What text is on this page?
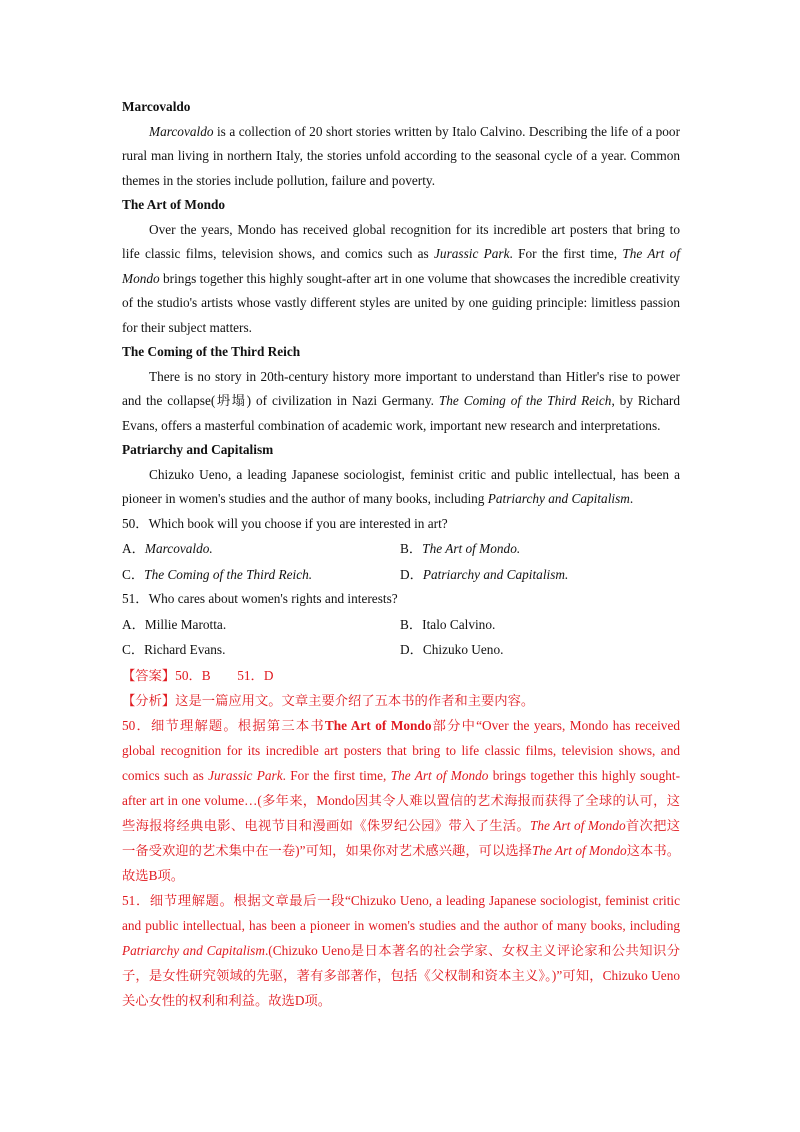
Marcovaldo

Marcovaldo is a collection of 20 short stories written by Italo Calvino. Describing the life of a poor rural man living in northern Italy, the stories unfold according to the seasonal cycle of a year. Common themes in the stories include pollution, failure and poverty.

The Art of Mondo

Over the years, Mondo has received global recognition for its incredible art posters that bring to life classic films, television shows, and comics such as Jurassic Park. For the first time, The Art of Mondo brings together this highly sought-after art in one volume that showcases the incredible creativity of the studio's artists whose vastly different styles are united by one guiding principle: limitless passion for their subject matters.

The Coming of the Third Reich

There is no story in 20th-century history more important to understand than Hitler's rise to power and the collapse(坍塌) of civilization in Nazi Germany. The Coming of the Third Reich, by Richard Evans, offers a masterful combination of academic work, important new research and interpretations.

Patriarchy and Capitalism

Chizuko Ueno, a leading Japanese sociologist, feminist critic and public intellectual, has been a pioneer in women's studies and the author of many books, including Patriarchy and Capitalism.

50．Which book will you choose if you are interested in art?

A．Marcovaldo.	B．The Art of Mondo.
C．The Coming of the Third Reich.	D．Patriarchy and Capitalism.

51．Who cares about women's rights and interests?

A．Millie Marotta.	B．Italo Calvino.
C．Richard Evans.	D．Chizuko Ueno.

【答案】50．B　　51．D

【分析】这是一篇应用文。文章主要介绍了五本书的作者和主要内容。

50．细节理解题。根据第三本书The Art of Mondo部分中“Over the years, Mondo has received global recognition for its incredible art posters that bring to life classic films, television shows, and comics such as Jurassic Park. For the first time, The Art of Mondo brings together this highly sought-after art in one volume…(多年来，Mondo因其令人难以置信的艺术海报而获得了全球的认可，这些海报将经典电影、电视节目和漫画如《侏罗纪公园》带入了生活。The Art of Mondo首次把这一备受欢迎的艺术集中在一卷)”可知，如果你对艺术感兴趣，可以选择The Art of Mondo这本书。故选B项。

51．细节理解题。根据文章最后一段“Chizuko Ueno, a leading Japanese sociologist, feminist critic and public intellectual, has been a pioneer in women's studies and the author of many books, including Patriarchy and Capitalism.(Chizuko Ueno是日本著名的社会学家、女权主义评论家和公共知识分子，是女性研究领域的先驱，著有多部著作，包括《父权制和资本主义》。)”可知，Chizuko Ueno关心女性的权利和利益。故选D项。
